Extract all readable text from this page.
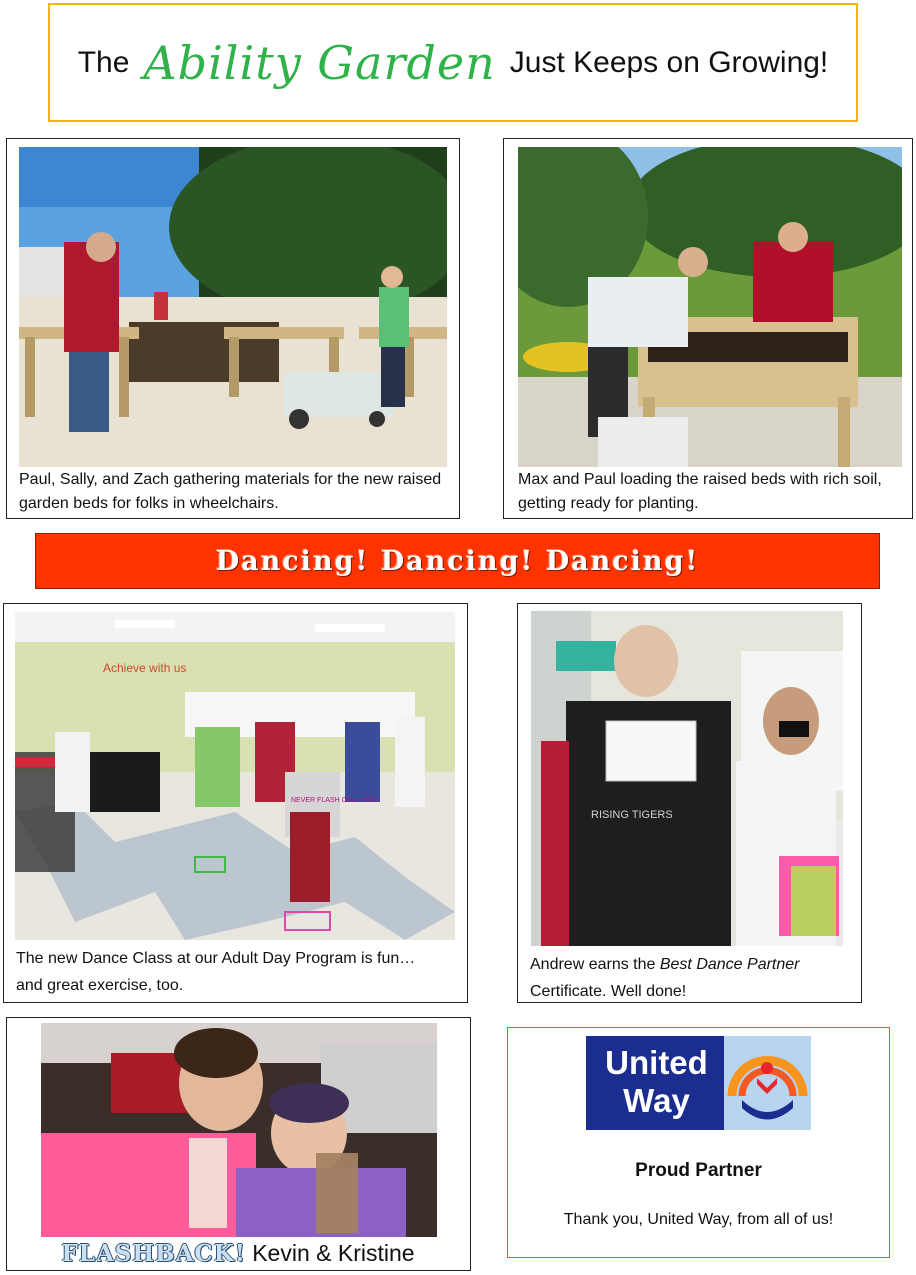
The Ability Garden Just Keeps on Growing!
Paul, Sally, and Zach gathering materials for the new raised garden beds for folks in wheelchairs.
Max and Paul loading the raised beds with rich soil, getting ready for planting.
Dancing! Dancing! Dancing!
Achieve with us
NEVER FLASH OVER YOU
The new Dance Class at our Adult Day Program is fun…and great exercise, too.
RISING TIGERS
Andrew earns the Best Dance Partner Certificate. Well done!
FLASHBACK! Kevin & Kristine
United
Way
Proud Partner
Thank you, United Way, from all of us!
